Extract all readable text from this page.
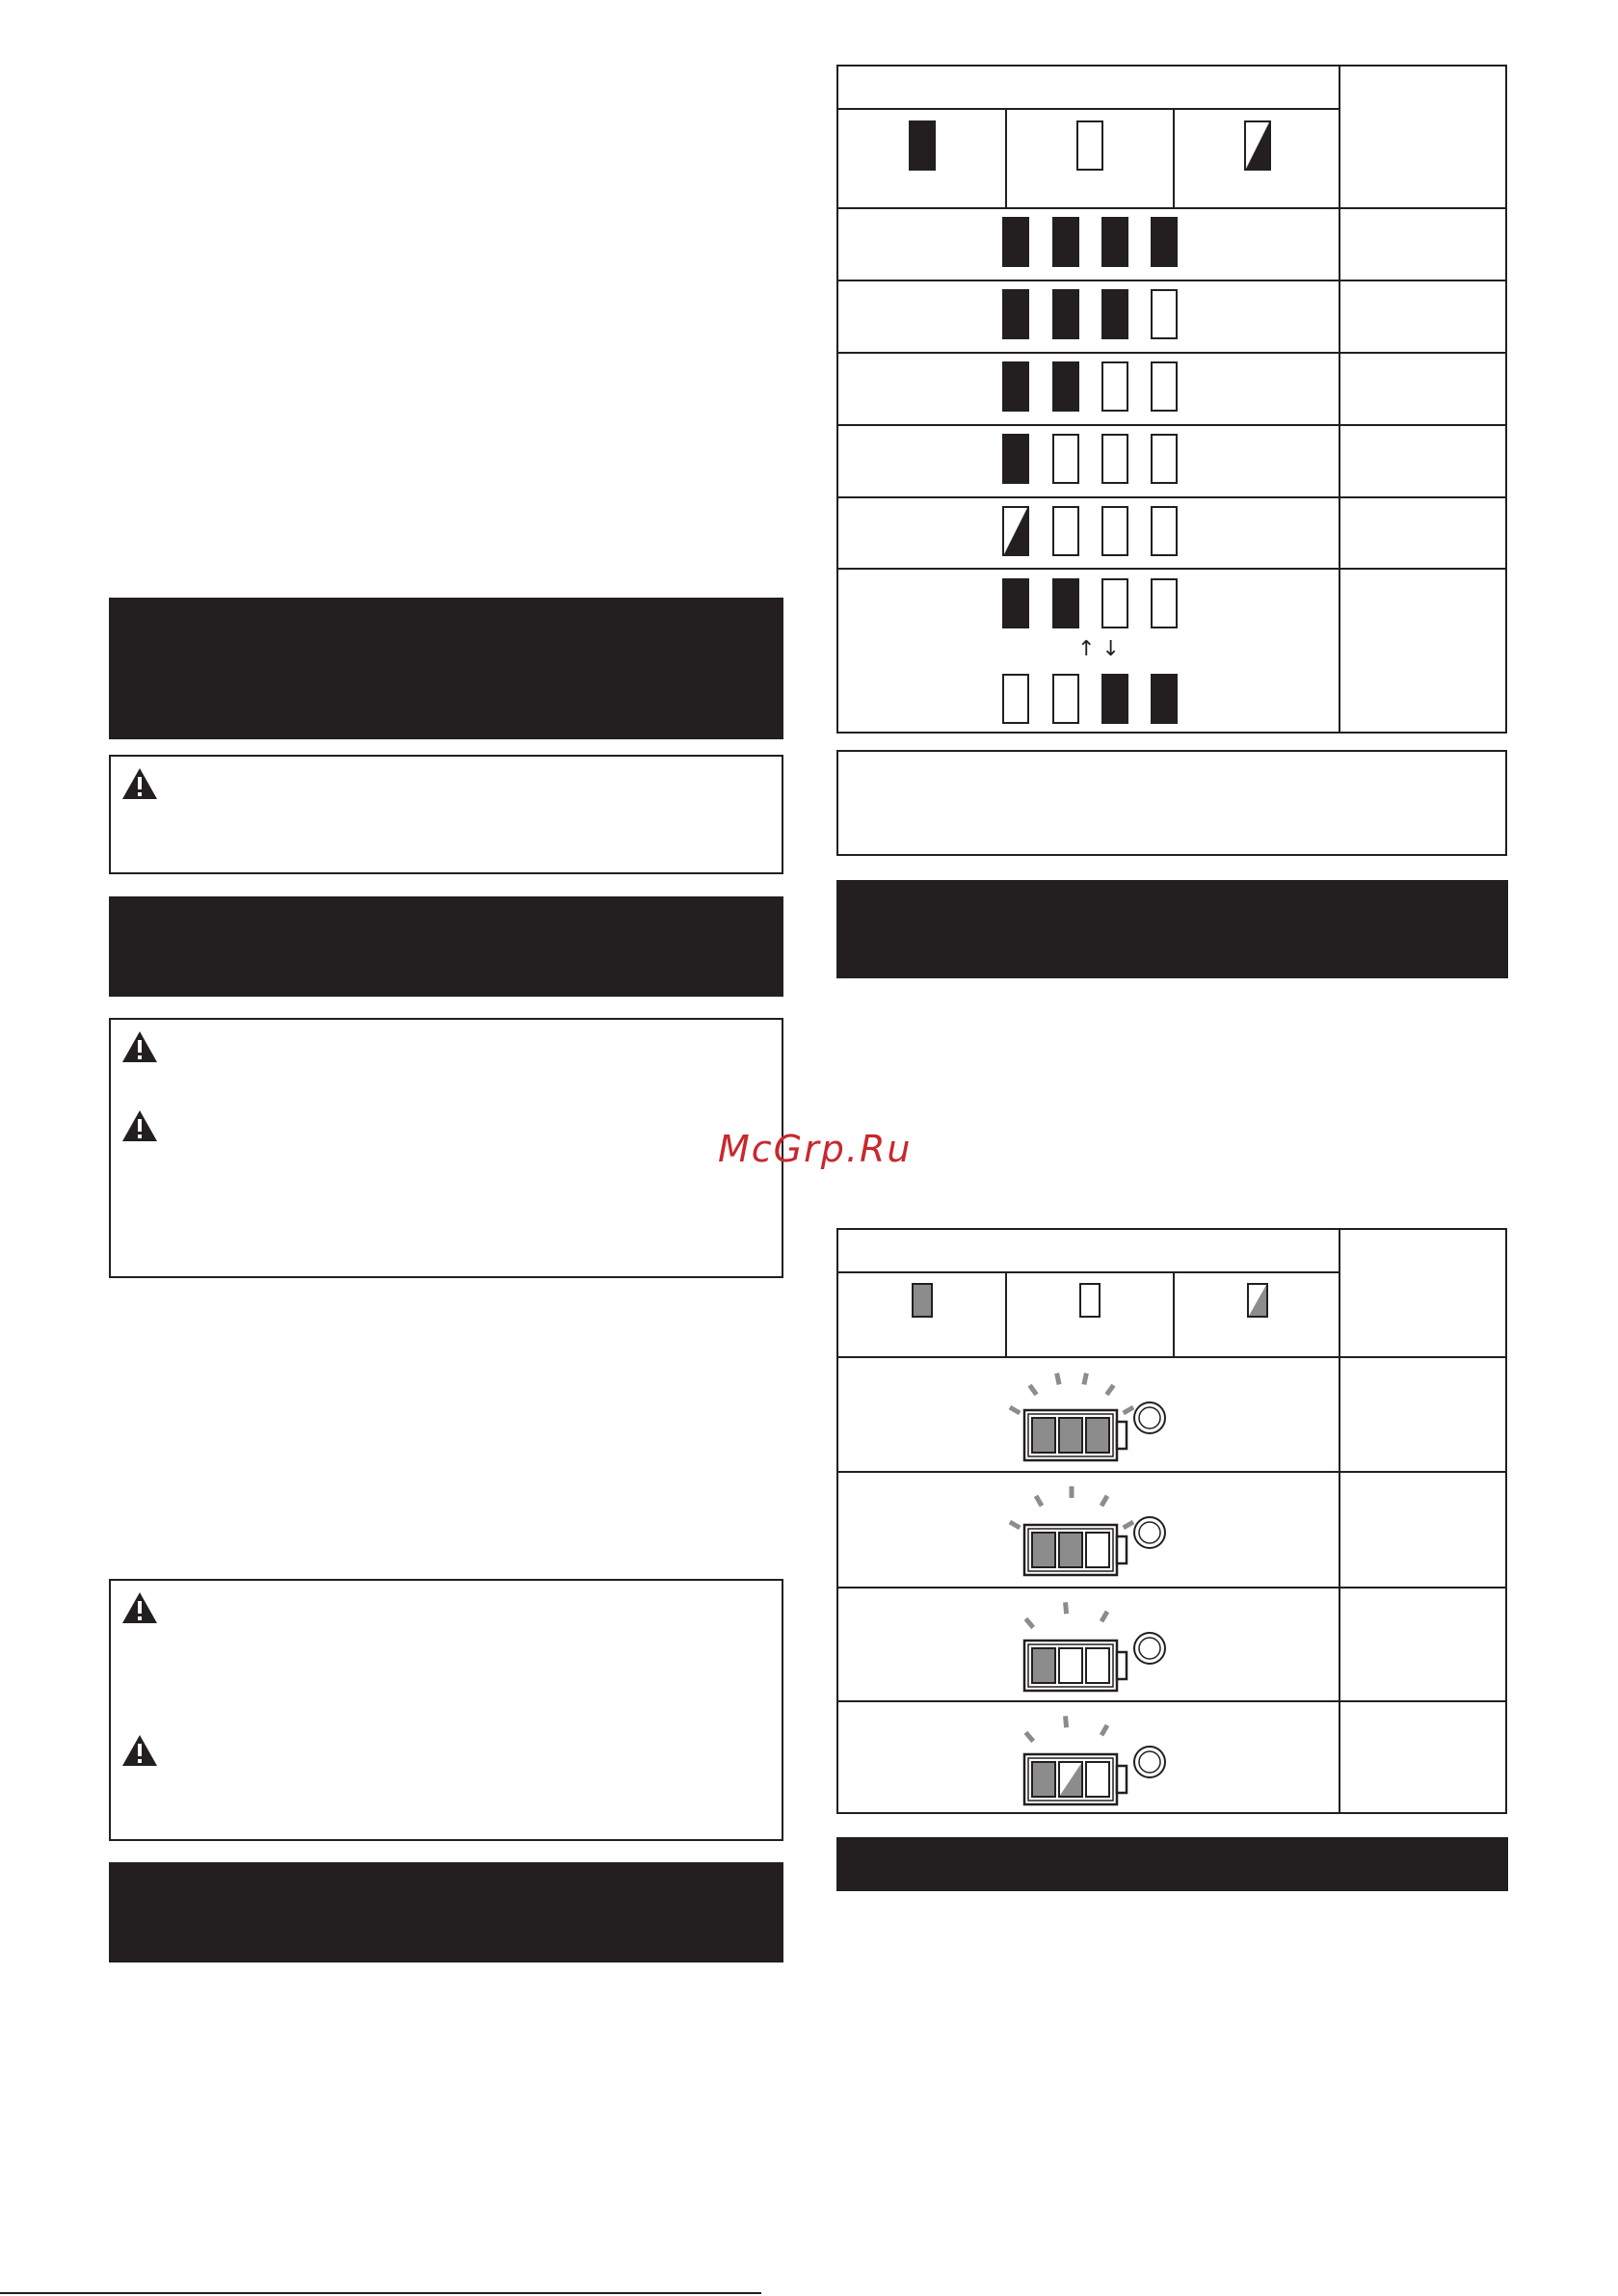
↑ ↓
McGrp.Ru
